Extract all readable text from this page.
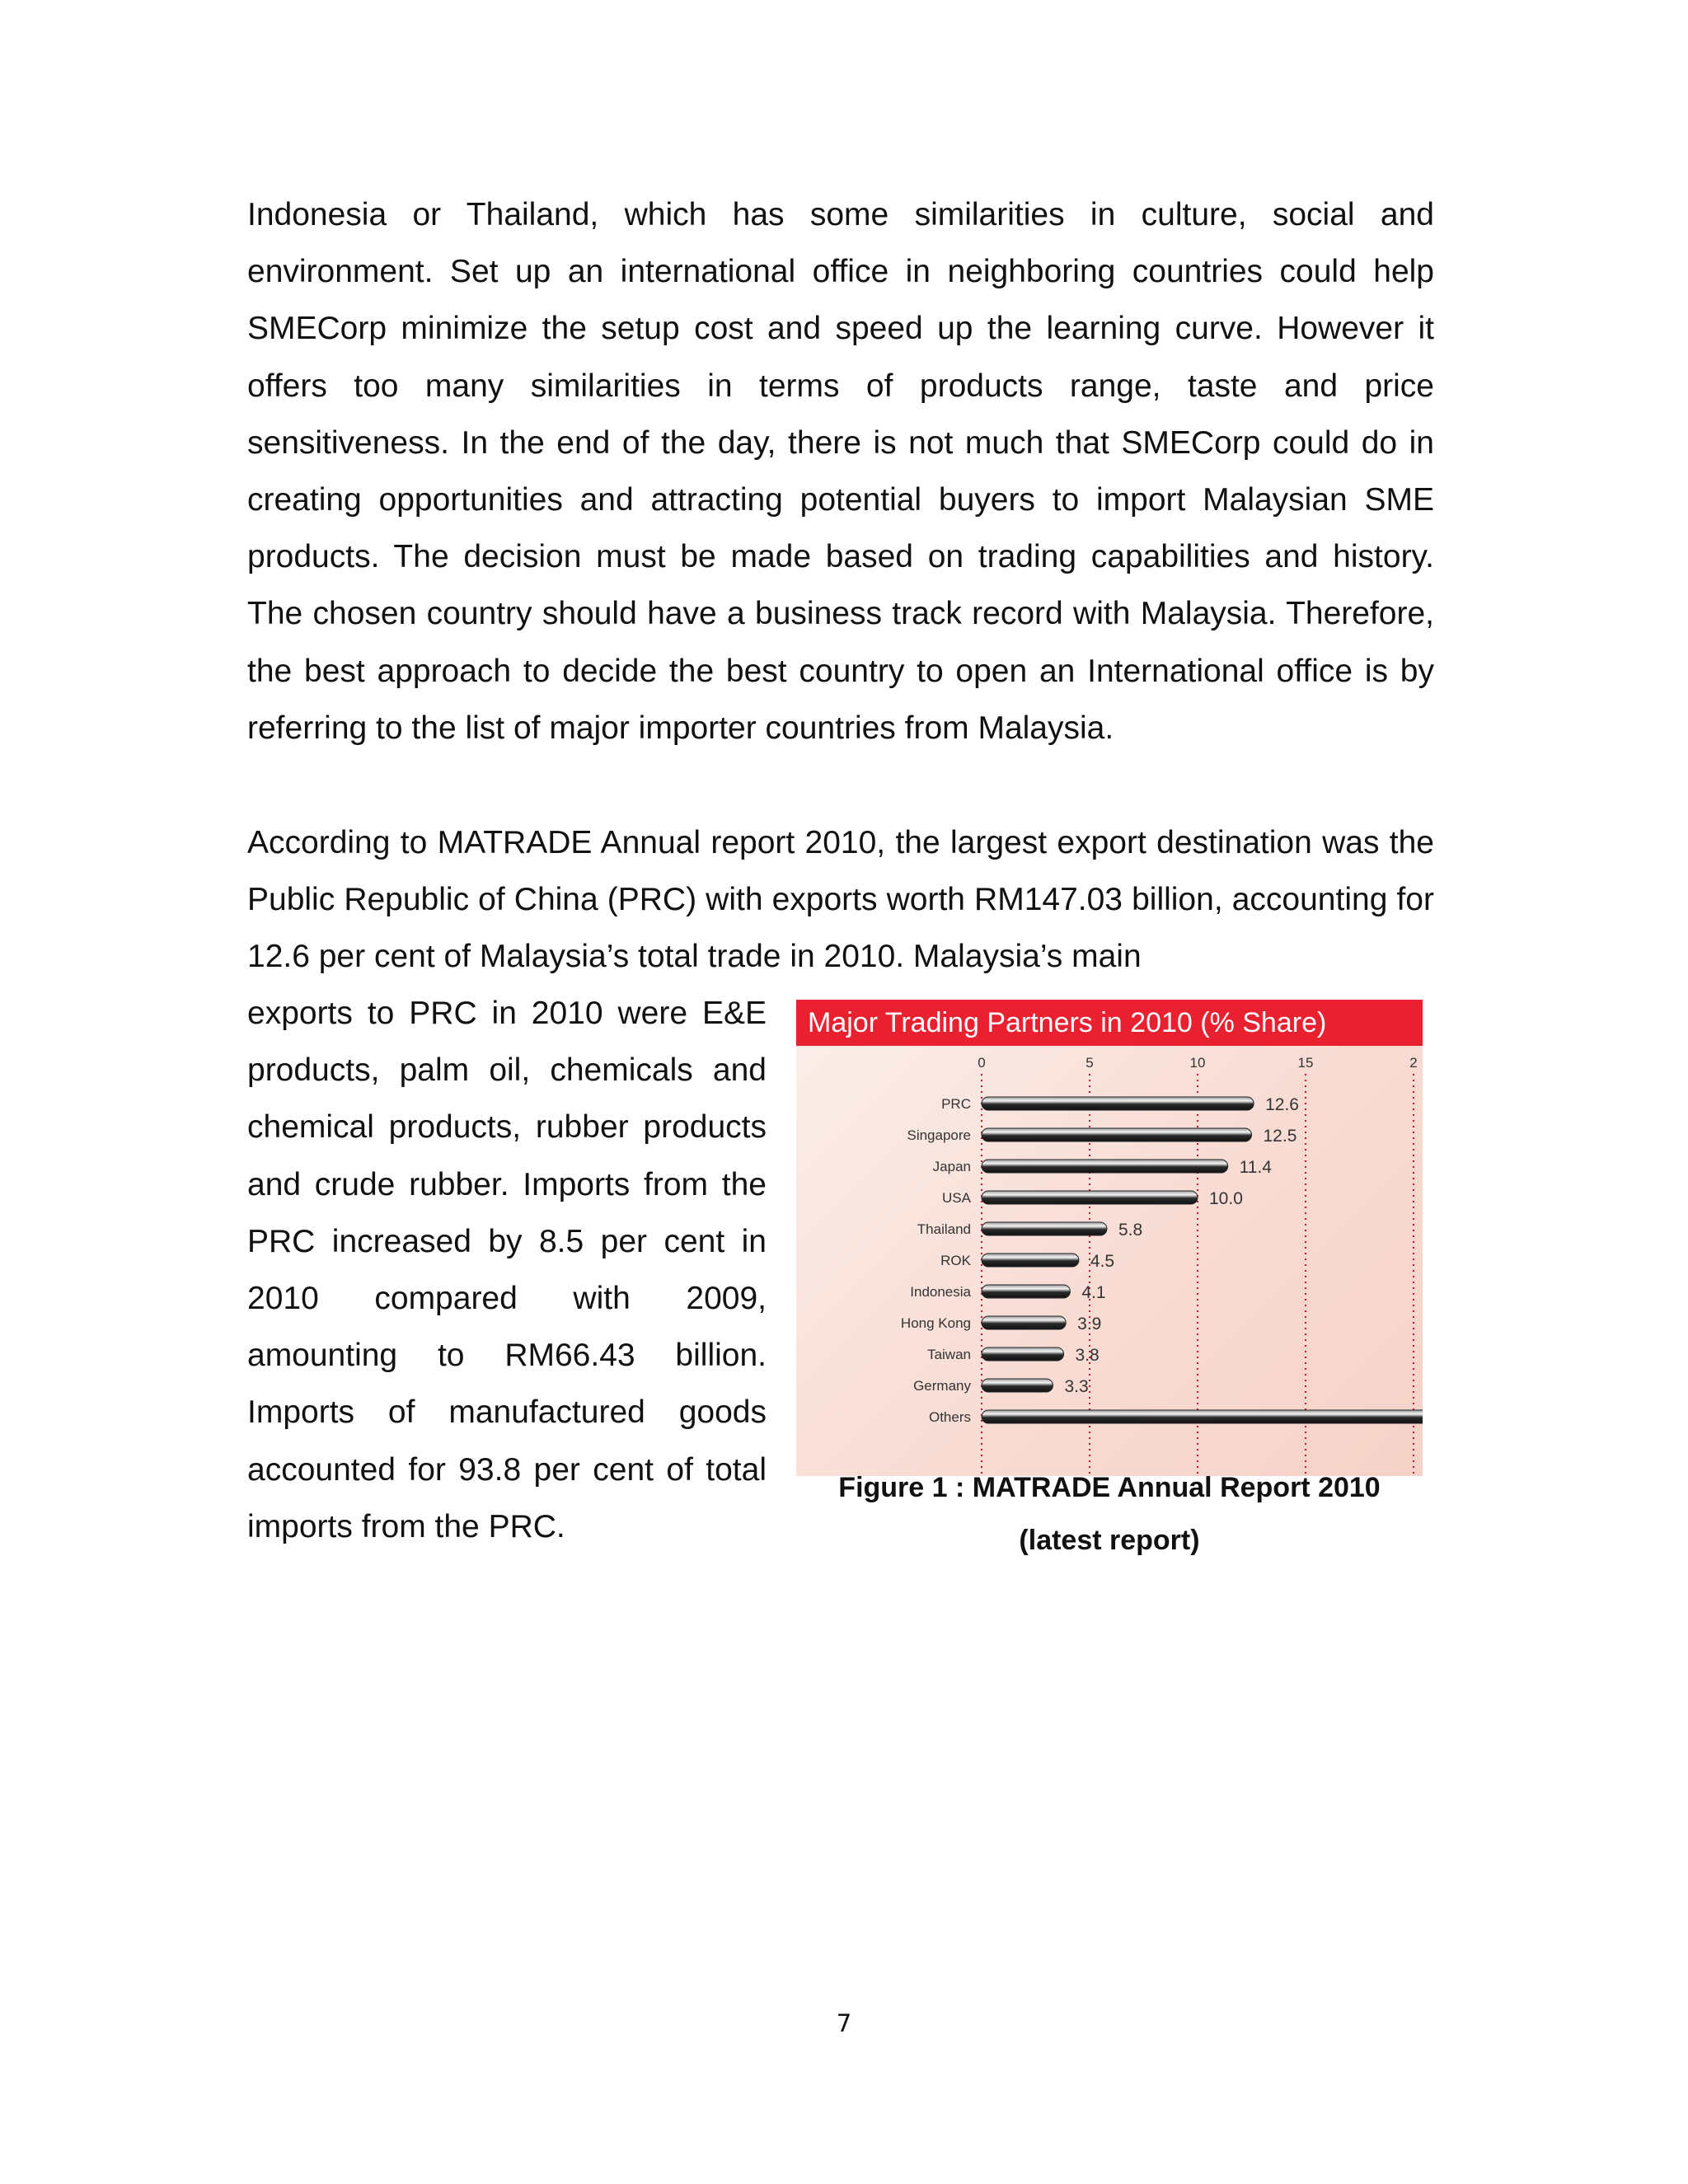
Indonesia or Thailand, which has some similarities in culture, social and environment. Set up an international office in neighboring countries could help SMECorp minimize the setup cost and speed up the learning curve. However it offers too many similarities in terms of products range, taste and price sensitiveness. In the end of the day, there is not much that SMECorp could do in creating opportunities and attracting potential buyers to import Malaysian SME products. The decision must be made based on trading capabilities and history. The chosen country should have a business track record with Malaysia. Therefore, the best approach to decide the best country to open an International office is by referring to the list of major importer countries from Malaysia.

According to MATRADE Annual report 2010, the largest export destination was the Public Republic of China (PRC) with exports worth RM147.03 billion, accounting for 12.6 per cent of Malaysia’s total trade in 2010. Malaysia’s main

exports to PRC in 2010 were E&E products, palm oil, chemicals and chemical products, rubber products and crude rubber. Imports from the PRC increased by 8.5 per cent in 2010 compared with 2009, amounting to RM66.43 billion. Imports of manufactured goods accounted for 93.8 per cent of total imports from the PRC.

Major Trading Partners in 2010 (% Share)
0	5	10	15	2
PRC
Singapore
Japan
USA
Thailand
ROK
Indonesia
Hong Kong
Taiwan
Germany
Others
12.6
12.5
11.4
10.0
5.8
4.5
4.1
3.9
3.8
3.3

Figure 1 : MATRADE Annual Report 2010

(latest report)

7
